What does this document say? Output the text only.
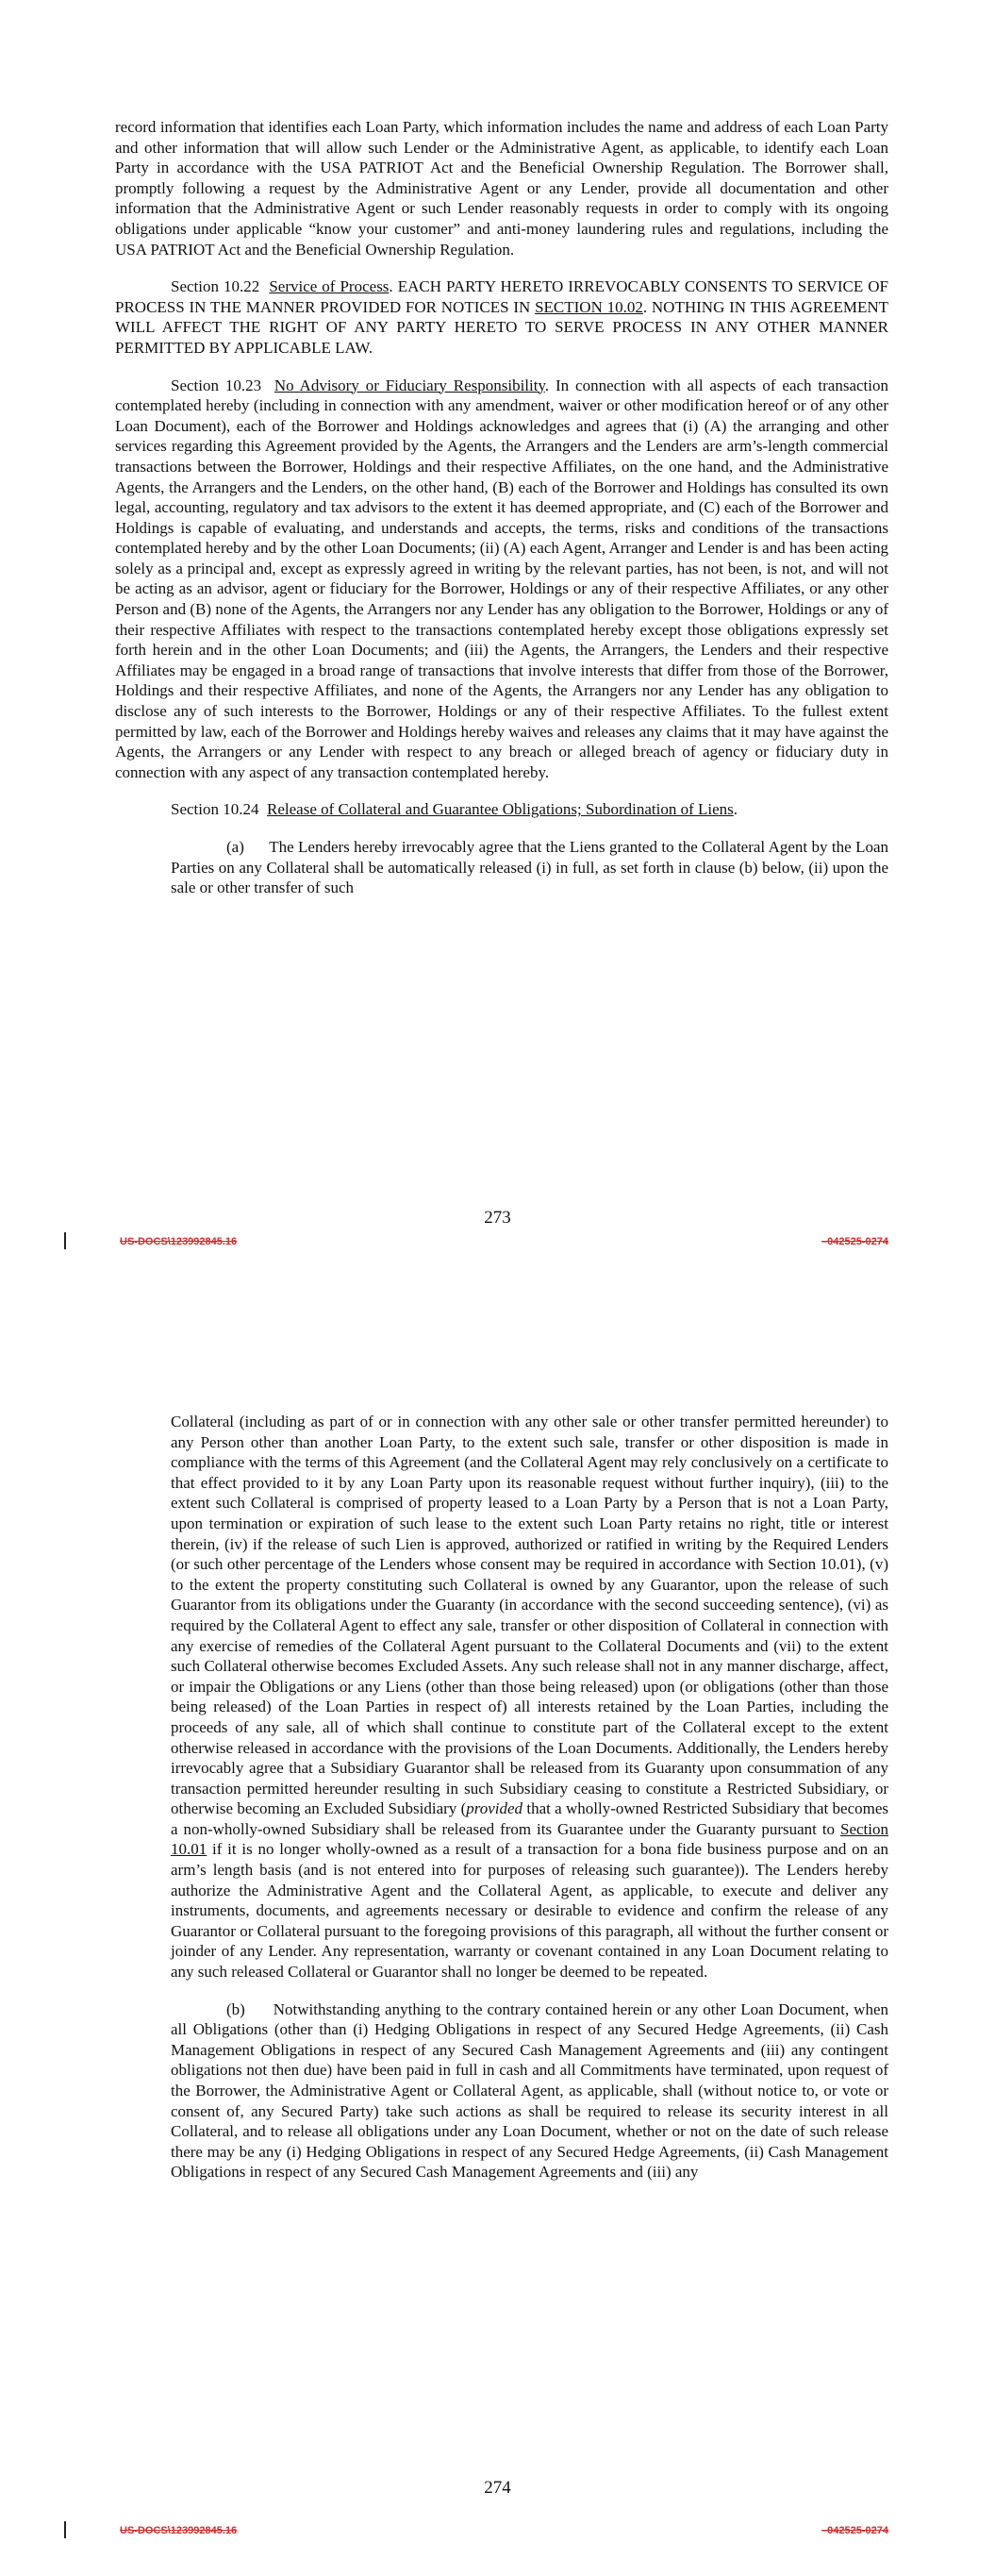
record information that identifies each Loan Party, which information includes the name and address of each Loan Party and other information that will allow such Lender or the Administrative Agent, as applicable, to identify each Loan Party in accordance with the USA PATRIOT Act and the Beneficial Ownership Regulation. The Borrower shall, promptly following a request by the Administrative Agent or any Lender, provide all documentation and other information that the Administrative Agent or such Lender reasonably requests in order to comply with its ongoing obligations under applicable “know your customer” and anti-money laundering rules and regulations, including the USA PATRIOT Act and the Beneficial Ownership Regulation.

Section 10.22 Service of Process. EACH PARTY HERETO IRREVOCABLY CONSENTS TO SERVICE OF PROCESS IN THE MANNER PROVIDED FOR NOTICES IN SECTION 10.02. NOTHING IN THIS AGREEMENT WILL AFFECT THE RIGHT OF ANY PARTY HERETO TO SERVE PROCESS IN ANY OTHER MANNER PERMITTED BY APPLICABLE LAW.

Section 10.23 No Advisory or Fiduciary Responsibility. In connection with all aspects of each transaction contemplated hereby (including in connection with any amendment, waiver or other modification hereof or of any other Loan Document), each of the Borrower and Holdings acknowledges and agrees that (i) (A) the arranging and other services regarding this Agreement provided by the Agents, the Arrangers and the Lenders are arm’s-length commercial transactions between the Borrower, Holdings and their respective Affiliates, on the one hand, and the Administrative Agents, the Arrangers and the Lenders, on the other hand, (B) each of the Borrower and Holdings has consulted its own legal, accounting, regulatory and tax advisors to the extent it has deemed appropriate, and (C) each of the Borrower and Holdings is capable of evaluating, and understands and accepts, the terms, risks and conditions of the transactions contemplated hereby and by the other Loan Documents; (ii) (A) each Agent, Arranger and Lender is and has been acting solely as a principal and, except as expressly agreed in writing by the relevant parties, has not been, is not, and will not be acting as an advisor, agent or fiduciary for the Borrower, Holdings or any of their respective Affiliates, or any other Person and (B) none of the Agents, the Arrangers nor any Lender has any obligation to the Borrower, Holdings or any of their respective Affiliates with respect to the transactions contemplated hereby except those obligations expressly set forth herein and in the other Loan Documents; and (iii) the Agents, the Arrangers, the Lenders and their respective Affiliates may be engaged in a broad range of transactions that involve interests that differ from those of the Borrower, Holdings and their respective Affiliates, and none of the Agents, the Arrangers nor any Lender has any obligation to disclose any of such interests to the Borrower, Holdings or any of their respective Affiliates. To the fullest extent permitted by law, each of the Borrower and Holdings hereby waives and releases any claims that it may have against the Agents, the Arrangers or any Lender with respect to any breach or alleged breach of agency or fiduciary duty in connection with any aspect of any transaction contemplated hereby.

Section 10.24 Release of Collateral and Guarantee Obligations; Subordination of Liens.

(a) The Lenders hereby irrevocably agree that the Liens granted to the Collateral Agent by the Loan Parties on any Collateral shall be automatically released (i) in full, as set forth in clause (b) below, (ii) upon the sale or other transfer of such

273
US-DOCS\123992845.16	–042525-0274

Collateral (including as part of or in connection with any other sale or other transfer permitted hereunder) to any Person other than another Loan Party, to the extent such sale, transfer or other disposition is made in compliance with the terms of this Agreement (and the Collateral Agent may rely conclusively on a certificate to that effect provided to it by any Loan Party upon its reasonable request without further inquiry), (iii) to the extent such Collateral is comprised of property leased to a Loan Party by a Person that is not a Loan Party, upon termination or expiration of such lease to the extent such Loan Party retains no right, title or interest therein, (iv) if the release of such Lien is approved, authorized or ratified in writing by the Required Lenders (or such other percentage of the Lenders whose consent may be required in accordance with Section 10.01), (v) to the extent the property constituting such Collateral is owned by any Guarantor, upon the release of such Guarantor from its obligations under the Guaranty (in accordance with the second succeeding sentence), (vi) as required by the Collateral Agent to effect any sale, transfer or other disposition of Collateral in connection with any exercise of remedies of the Collateral Agent pursuant to the Collateral Documents and (vii) to the extent such Collateral otherwise becomes Excluded Assets. Any such release shall not in any manner discharge, affect, or impair the Obligations or any Liens (other than those being released) upon (or obligations (other than those being released) of the Loan Parties in respect of) all interests retained by the Loan Parties, including the proceeds of any sale, all of which shall continue to constitute part of the Collateral except to the extent otherwise released in accordance with the provisions of the Loan Documents. Additionally, the Lenders hereby irrevocably agree that a Subsidiary Guarantor shall be released from its Guaranty upon consummation of any transaction permitted hereunder resulting in such Subsidiary ceasing to constitute a Restricted Subsidiary, or otherwise becoming an Excluded Subsidiary (provided that a wholly-owned Restricted Subsidiary that becomes a non-wholly-owned Subsidiary shall be released from its Guarantee under the Guaranty pursuant to Section 10.01 if it is no longer wholly-owned as a result of a transaction for a bona fide business purpose and on an arm’s length basis (and is not entered into for purposes of releasing such guarantee)). The Lenders hereby authorize the Administrative Agent and the Collateral Agent, as applicable, to execute and deliver any instruments, documents, and agreements necessary or desirable to evidence and confirm the release of any Guarantor or Collateral pursuant to the foregoing provisions of this paragraph, all without the further consent or joinder of any Lender. Any representation, warranty or covenant contained in any Loan Document relating to any such released Collateral or Guarantor shall no longer be deemed to be repeated.

(b) Notwithstanding anything to the contrary contained herein or any other Loan Document, when all Obligations (other than (i) Hedging Obligations in respect of any Secured Hedge Agreements, (ii) Cash Management Obligations in respect of any Secured Cash Management Agreements and (iii) any contingent obligations not then due) have been paid in full in cash and all Commitments have terminated, upon request of the Borrower, the Administrative Agent or Collateral Agent, as applicable, shall (without notice to, or vote or consent of, any Secured Party) take such actions as shall be required to release its security interest in all Collateral, and to release all obligations under any Loan Document, whether or not on the date of such release there may be any (i) Hedging Obligations in respect of any Secured Hedge Agreements, (ii) Cash Management Obligations in respect of any Secured Cash Management Agreements and (iii) any

274
US-DOCS\123992845.16	–042525-0274
